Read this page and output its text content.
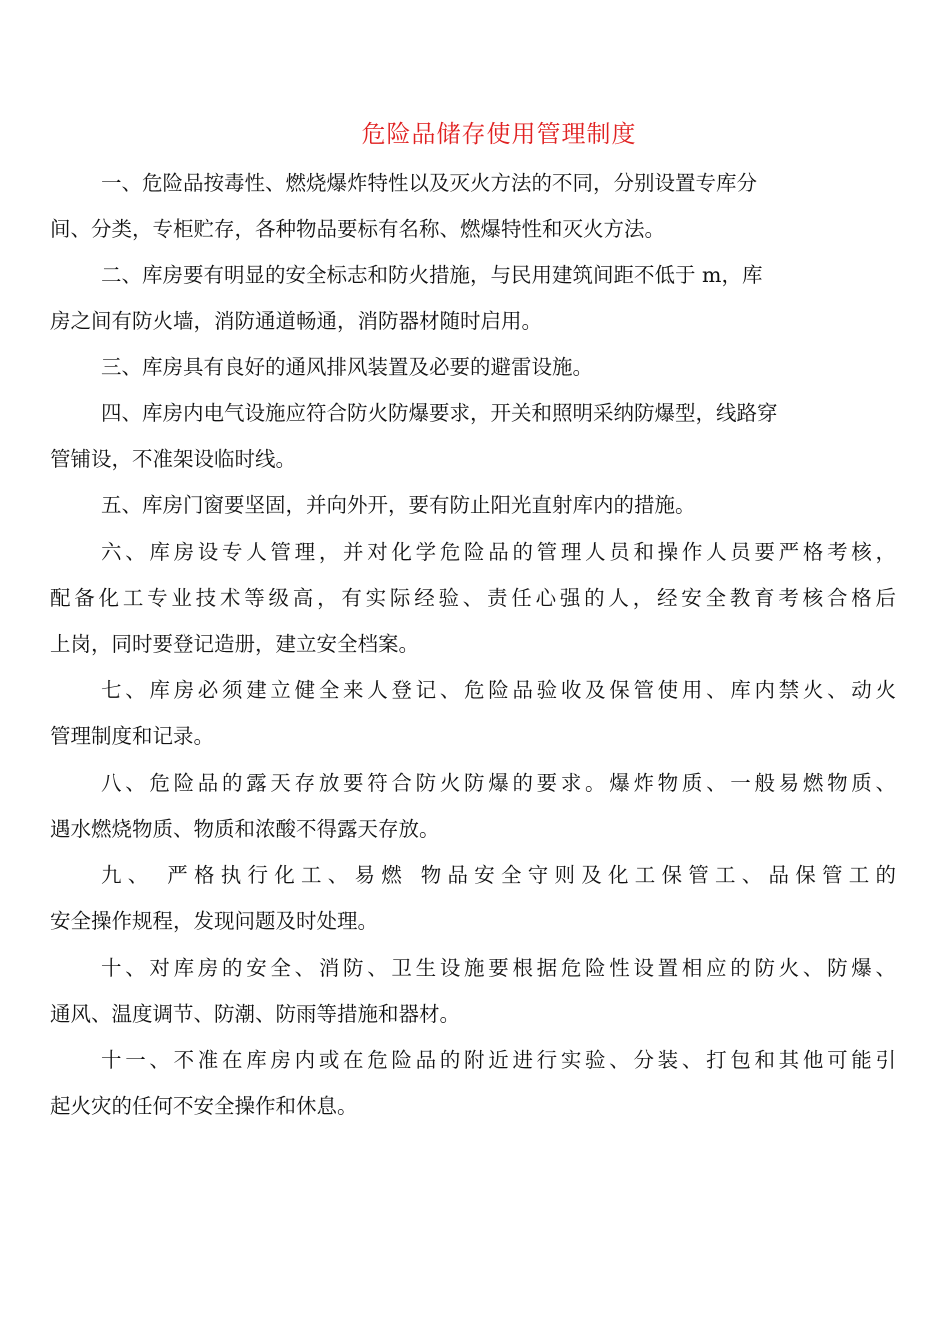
危险品储存使用管理制度
一、危险品按毒性、燃烧爆炸特性以及灭火方法的不同，分别设置专库分
间、分类，专柜贮存，各种物品要标有名称、燃爆特性和灭火方法。
二、库房要有明显的安全标志和防火措施，与民用建筑间距不低于 m，库
房之间有防火墙，消防通道畅通，消防器材随时启用。
三、库房具有良好的通风排风装置及必要的避雷设施。
四、库房内电气设施应符合防火防爆要求，开关和照明采纳防爆型，线路穿
管铺设，不准架设临时线。
五、库房门窗要坚固，并向外开，要有防止阳光直射库内的措施。
六、库房设专人管理，并对化学危险品的管理人员和操作人员要严格考核，
配备化工专业技术等级高，有实际经验、责任心强的人，经安全教育考核合格后
上岗，同时要登记造册，建立安全档案。
七、库房必须建立健全来人登记、危险品验收及保管使用、库内禁火、动火
管理制度和记录。
八、危险品的露天存放要符合防火防爆的要求。爆炸物质、一般易燃物质、
遇水燃烧物质、物质和浓酸不得露天存放。
九、 严格执行化工、易燃 物品安全守则及化工保管工、品保管工的
安全操作规程，发现问题及时处理。
十、对库房的安全、消防、卫生设施要根据危险性设置相应的防火、防爆、
通风、温度调节、防潮、防雨等措施和器材。
十一、不准在库房内或在危险品的附近进行实验、分装、打包和其他可能引
起火灾的任何不安全操作和休息。
